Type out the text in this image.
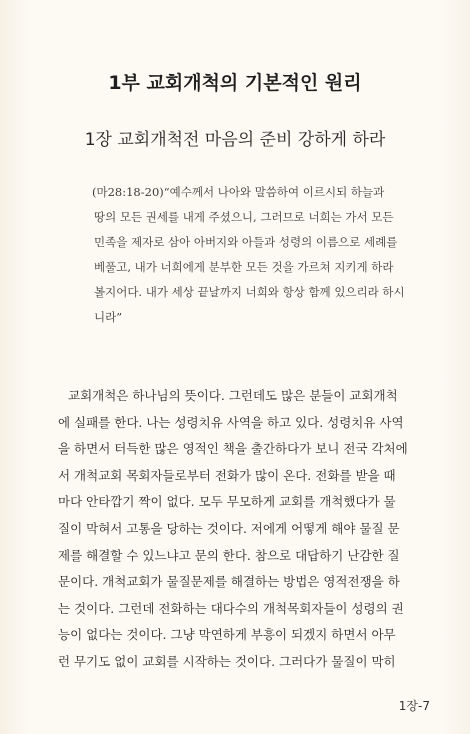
1부 교회개척의 기본적인 원리
1장 교회개척전 마음의 준비 강하게 하라
(마28:18-20)“예수께서 나아와 말씀하여 이르시되 하늘과
땅의 모든 권세를 내게 주셨으니, 그러므로 너희는 가서 모든
민족을 제자로 삼아 아버지와 아들과 성령의 이름으로 세례를
베풀고, 내가 너희에게 분부한 모든 것을 가르쳐 지키게 하라
볼지어다. 내가 세상 끝날까지 너희와 항상 함께 있으리라 하시
니라”
교회개척은 하나님의 뜻이다. 그런데도 많은 분들이 교회개척
에 실패를 한다. 나는 성령치유 사역을 하고 있다. 성령치유 사역
을 하면서 터득한 많은 영적인 책을 출간하다가 보니 전국 각처에
서 개척교회 목회자들로부터 전화가 많이 온다. 전화를 받을 때
마다 안타깝기 짝이 없다. 모두 무모하게 교회를 개척했다가 물
질이 막혀서 고통을 당하는 것이다. 저에게 어떻게 해야 물질 문
제를 해결할 수 있느냐고 문의 한다. 참으로 대답하기 난감한 질
문이다. 개척교회가 물질문제를 해결하는 방법은 영적전쟁을 하
는 것이다. 그런데 전화하는 대다수의 개척목회자들이 성령의 권
능이 없다는 것이다. 그냥 막연하게 부흥이 되겠지 하면서 아무
런 무기도 없이 교회를 시작하는 것이다. 그러다가 물질이 막히
1장-7
